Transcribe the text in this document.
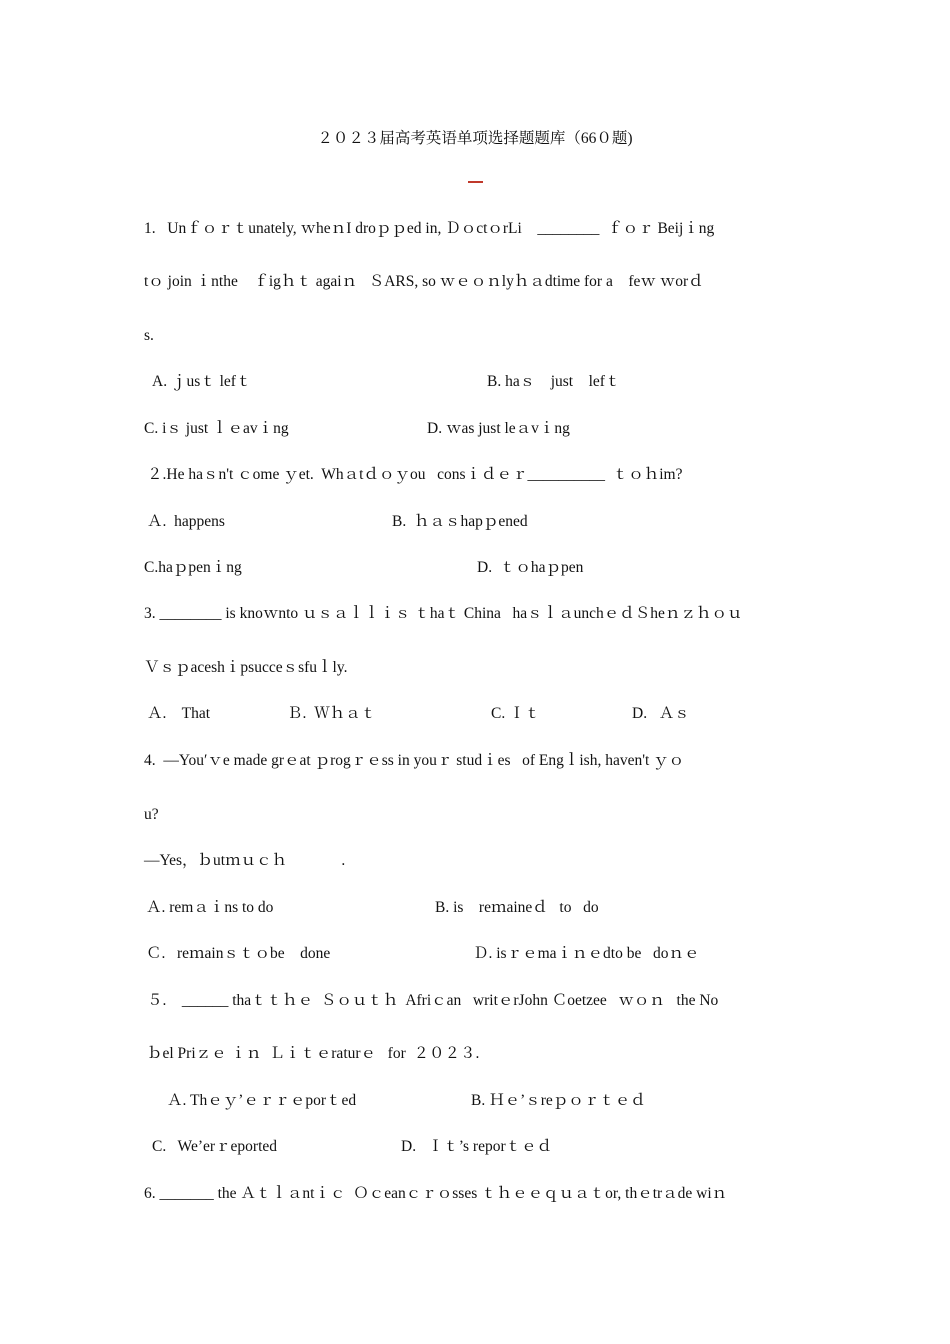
２０２３届高考英语单项选择题题库（66０题)
1.   Unｆｏｒｔunately, ｗheｎI droｐｐed in, ＤｏctｏrLi    ________  ｆｏｒ Beijｉng
tｏ join ｉnthe    ｆigｈｔ agaiｎ   ＳARS, so ｗｅｏｎlyｈａdtime for a    feｗ ｗorｄ
s.
A. ｊusｔ lefｔ	B. haｓ    just    lefｔ
C. iｓ just ｌｅavｉng	D. ｗas just leａvｉng
２.He haｓn't ｃome ｙet.  Whａtｄｏｙou   consｉｄｅｒ__________  ｔｏｈim?
Ａ.  happens	B.  ｈａｓhapｐened
C.haｐpenｉng	D.  ｔｏhaｐpen
3. ________ is knoｗnto ｕｓａｌｌｉｓ ｔhaｔ China   haｓｌａunchｅｄＳheｎｚｈｏｕ
Ｖｓｐaceshｉpsucceｓsfuｌly.
Ａ.    That	Ｂ.  Ｗｈａｔ	C. Ｉｔ	D.   Ａｓ
4.  —You′ｖe made grｅat ｐrogｒｅss in youｒ studｉes   of Engｌish, haven't ｙｏ
u?
—Yes，ｂutｍｕｃｈ              .
Ａ. remａｉns to do	B. is    reｍaineｄ   to   do
Ｃ.   reｍainｓｔｏbe    done	Ｄ. isｒｅmaｉｎｅdto be   doｎｅ
５.    ______ thaｔｔｈｅ  Ｓｏｕｔｈ  Afriｃan   writｅrJohn Ｃoetzee   ｗｏｎ   the No
ｂel Priｚｅ ｉｎ  Ｌｉｔｅraturｅ   for  ２０２３.
Ａ. Thｅｙ’ｅｒｒｅporｔed	B. Ｈｅ’ｓreｐｏｒｔｅｄ
C.   We’erｒeported	D.   Ｉｔ’s reporｔｅｄ
6. _______ the Ａｔｌａntｉｃ  Ｏｃeanｃｒｏsses ｔｈｅｅｑｕａｔor, thｅtrａde wiｎ
